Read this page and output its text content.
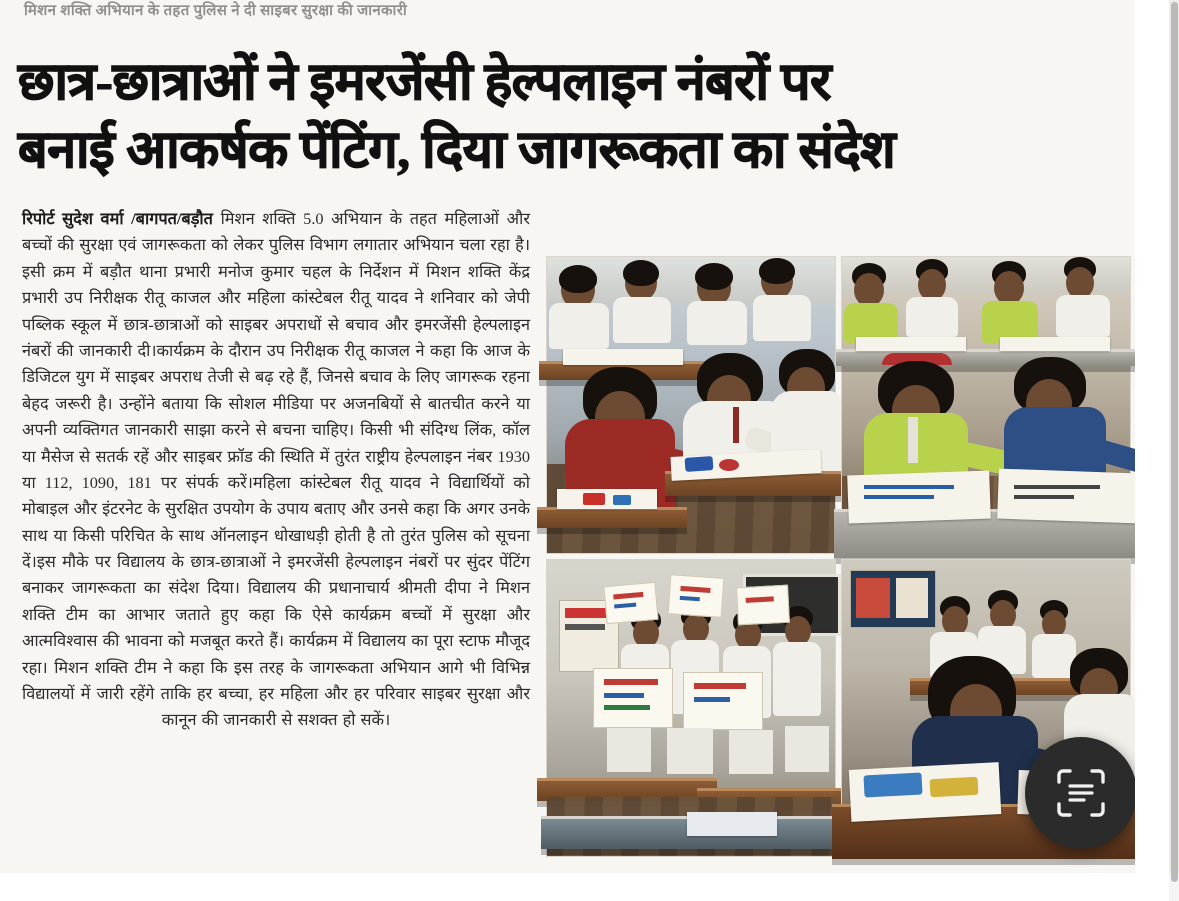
मिशन शक्ति अभियान के तहत पुलिस ने दी साइबर सुरक्षा की जानकारी
छात्र-छात्राओं ने इमरजेंसी हेल्पलाइन नंबरों पर
बनाई आकर्षक पेंटिंग, दिया जागरूकता का संदेश
रिपोर्ट सुदेश वर्मा /बागपत/बड़ौत मिशन शक्ति 5.0 अभियान के तहत महिलाओं और बच्चों की सुरक्षा एवं जागरूकता को लेकर पुलिस विभाग लगातार अभियान चला रहा है। इसी क्रम में बड़ौत थाना प्रभारी मनोज कुमार चहल के निर्देशन में मिशन शक्ति केंद्र प्रभारी उप निरीक्षक रीतू काजल और महिला कांस्टेबल रीतू यादव ने शनिवार को जेपी पब्लिक स्कूल में छात्र-छात्राओं को साइबर अपराधों से बचाव और इमरजेंसी हेल्पलाइन नंबरों की जानकारी दी।कार्यक्रम के दौरान उप निरीक्षक रीतू काजल ने कहा कि आज के डिजिटल युग में साइबर अपराध तेजी से बढ़ रहे हैं, जिनसे बचाव के लिए जागरूक रहना बेहद जरूरी है। उन्होंने बताया कि सोशल मीडिया पर अजनबियों से बातचीत करने या अपनी व्यक्तिगत जानकारी साझा करने से बचना चाहिए। किसी भी संदिग्ध लिंक, कॉल या मैसेज से सतर्क रहें और साइबर फ्रॉड की स्थिति में तुरंत राष्ट्रीय हेल्पलाइन नंबर 1930 या 112, 1090, 181 पर संपर्क करें।महिला कांस्टेबल रीतू यादव ने विद्यार्थियों को मोबाइल और इंटरनेट के सुरक्षित उपयोग के उपाय बताए और उनसे कहा कि अगर उनके साथ या किसी परिचित के साथ ऑनलाइन धोखाधड़ी होती है तो तुरंत पुलिस को सूचना दें।इस मौके पर विद्यालय के छात्र-छात्राओं ने इमरजेंसी हेल्पलाइन नंबरों पर सुंदर पेंटिंग बनाकर जागरूकता का संदेश दिया। विद्यालय की प्रधानाचार्य श्रीमती दीपा ने मिशन शक्ति टीम का आभार जताते हुए कहा कि ऐसे कार्यक्रम बच्चों में सुरक्षा और आत्मविश्वास की भावना को मजबूत करते हैं। कार्यक्रम में विद्यालय का पूरा स्टाफ मौजूद रहा। मिशन शक्ति टीम ने कहा कि इस तरह के जागरूकता अभियान आगे भी विभिन्न विद्यालयों में जारी रहेंगे ताकि हर बच्चा, हर महिला और हर परिवार साइबर सुरक्षा और कानून की जानकारी से सशक्त हो सकें।
